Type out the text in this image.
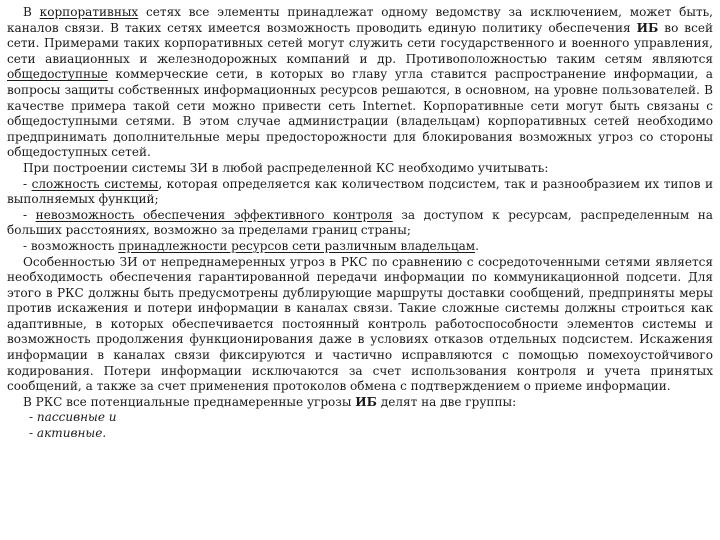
В корпоративных сетях все элементы принадлежат одному ведомству за исключением, может быть, каналов связи. В таких сетях имеется возможность проводить единую политику обеспечения ИБ во всей сети. Примерами таких корпоративных сетей могут служить сети государственного и военного управления, сети авиационных и железнодорожных компаний и др. Противоположностью таким сетям являются общедоступные коммерческие сети, в которых во главу угла ставится распространение информации, а вопросы защиты собственных информационных ресурсов решаются, в основном, на уровне пользователей. В качестве примера такой сети можно привести сеть Internet. Корпоративные сети могут быть связаны с общедоступными сетями. В этом случае администрации (владельцам) корпоративных сетей необходимо предпринимать дополнительные меры предосторожности для блокирования возможных угроз со стороны общедоступных сетей.

При построении системы ЗИ в любой распределенной КС необходимо учитывать:

- сложность системы, которая определяется как количеством подсистем, так и разнообразием их типов и выполняемых функций;

- невозможность обеспечения эффективного контроля за доступом к ресурсам, распределенным на больших расстояниях, возможно за пределами границ страны;

- возможность принадлежности ресурсов сети различным владельцам.

Особенностью ЗИ от непреднамеренных угроз в РКС по сравнению с сосредоточенными сетями является необходимость обеспечения гарантированной передачи информации по коммуникационной подсети. Для этого в РКС должны быть предусмотрены дублирующие маршруты доставки сообщений, предприняты меры против искажения и потери информации в каналах связи. Такие сложные системы должны строиться как адаптивные, в которых обеспечивается постоянный контроль работоспособности элементов системы и возможность продолжения функционирования даже в условиях отказов отдельных подсистем. Искажения информации в каналах связи фиксируются и частично исправляются с помощью помехоустойчивого кодирования. Потери информации исключаются за счет использования контроля и учета принятых сообщений, а также за счет применения протоколов обмена с подтверждением о приеме информации.

В РКС все потенциальные преднамеренные угрозы ИБ делят на две группы:

- пассивные и

- активные.
